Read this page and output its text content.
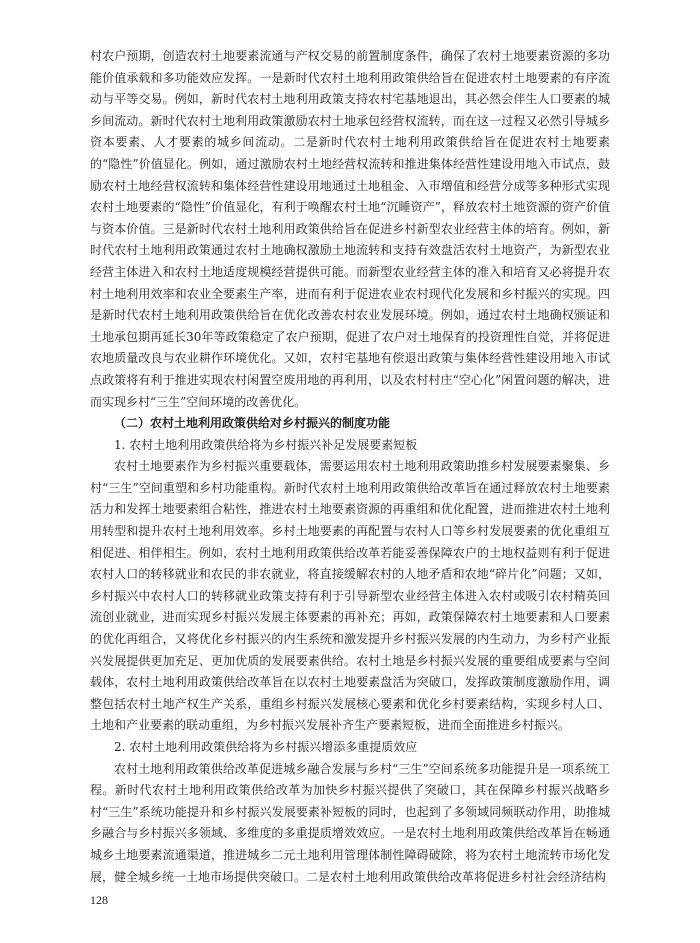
村农户预期，创造农村土地要素流通与产权交易的前置制度条件，确保了农村土地要素资源的多功能价值承载和多功能效应发挥。一是新时代农村土地利用政策供给旨在促进农村土地要素的有序流动与平等交易。例如，新时代农村土地利用政策支持农村宅基地退出，其必然会伴生人口要素的城乡间流动。新时代农村土地利用政策激励农村土地承包经营权流转，而在这一过程又必然引导城乡资本要素、人才要素的城乡间流动。二是新时代农村土地利用政策供给旨在促进农村土地要素的“隐性”价值显化。例如，通过激励农村土地经营权流转和推进集体经营性建设用地入市试点，鼓励农村土地经营权流转和集体经营性建设用地通过土地租金、入市增值和经营分成等多种形式实现农村土地要素的“隐性”价值显化，有利于唤醒农村土地“沉睡资产”，释放农村土地资源的资产价值与资本价值。三是新时代农村土地利用政策供给旨在促进乡村新型农业经营主体的培育。例如，新时代农村土地利用政策通过农村土地确权激励土地流转和支持有效盘活农村土地资产，为新型农业经营主体进入和农村土地适度规模经营提供可能。而新型农业经营主体的准入和培育又必将提升农村土地利用效率和农业全要素生产率，进而有利于促进农业农村现代化发展和乡村振兴的实现。四是新时代农村土地利用政策供给旨在优化改善农村农业发展环境。例如，通过农村土地确权颁证和土地承包期再延长30年等政策稳定了农户预期，促进了农户对土地保育的投资理性自觉，并将促进农地质量改良与农业耕作环境优化。又如，农村宅基地有偿退出政策与集体经营性建设用地入市试点政策将有利于推进实现农村闲置空废用地的再利用，以及农村村庄“空心化”闲置问题的解决，进而实现乡村“三生”空间环境的改善优化。

（二）农村土地利用政策供给对乡村振兴的制度功能

1. 农村土地利用政策供给将为乡村振兴补足发展要素短板

农村土地要素作为乡村振兴重要载体，需要运用农村土地利用政策助推乡村发展要素聚集、乡村“三生”空间重塑和乡村功能重构。新时代农村土地利用政策供给改革旨在通过释放农村土地要素活力和发挥土地要素组合粘性，推进农村土地要素资源的再重组和优化配置，进而推进农村土地利用转型和提升农村土地利用效率。乡村土地要素的再配置与农村人口等乡村发展要素的优化重组互相促进、相伴相生。例如，农村土地利用政策供给改革若能妥善保障农户的土地权益则有利于促进农村人口的转移就业和农民的非农就业，将直接缓解农村的人地矛盾和农地“碎片化”问题；又如，乡村振兴中农村人口的转移就业政策支持有利于引导新型农业经营主体进入农村或吸引农村精英回流创业就业，进而实现乡村振兴发展主体要素的再补充；再如，政策保障农村土地要素和人口要素的优化再组合，又将优化乡村振兴的内生系统和激发提升乡村振兴发展的内生动力，为乡村产业振兴发展提供更加充足、更加优质的发展要素供给。农村土地是乡村振兴发展的重要组成要素与空间载体，农村土地利用政策供给改革旨在以农村土地要素盘活为突破口，发挥政策制度激励作用，调整包括农村土地产权生产关系，重组乡村振兴发展核心要素和优化乡村要素结构，实现乡村人口、土地和产业要素的联动重组，为乡村振兴发展补齐生产要素短板，进而全面推进乡村振兴。

2. 农村土地利用政策供给将为乡村振兴增添多重提质效应

农村土地利用政策供给改革促进城乡融合发展与乡村“三生”空间系统多功能提升是一项系统工程。新时代农村土地利用政策供给改革为加快乡村振兴提供了突破口，其在保障乡村振兴战略乡村“三生”系统功能提升和乡村振兴发展要素补短板的同时，也起到了多领域同频联动作用，助推城乡融合与乡村振兴多领域、多维度的多重提质增效效应。一是农村土地利用政策供给改革旨在畅通城乡土地要素流通渠道，推进城乡二元土地利用管理体制性障碍破除，将为农村土地流转市场化发展，健全城乡统一土地市场提供突破口。二是农村土地利用政策供给改革将促进乡村社会经济结构

128
